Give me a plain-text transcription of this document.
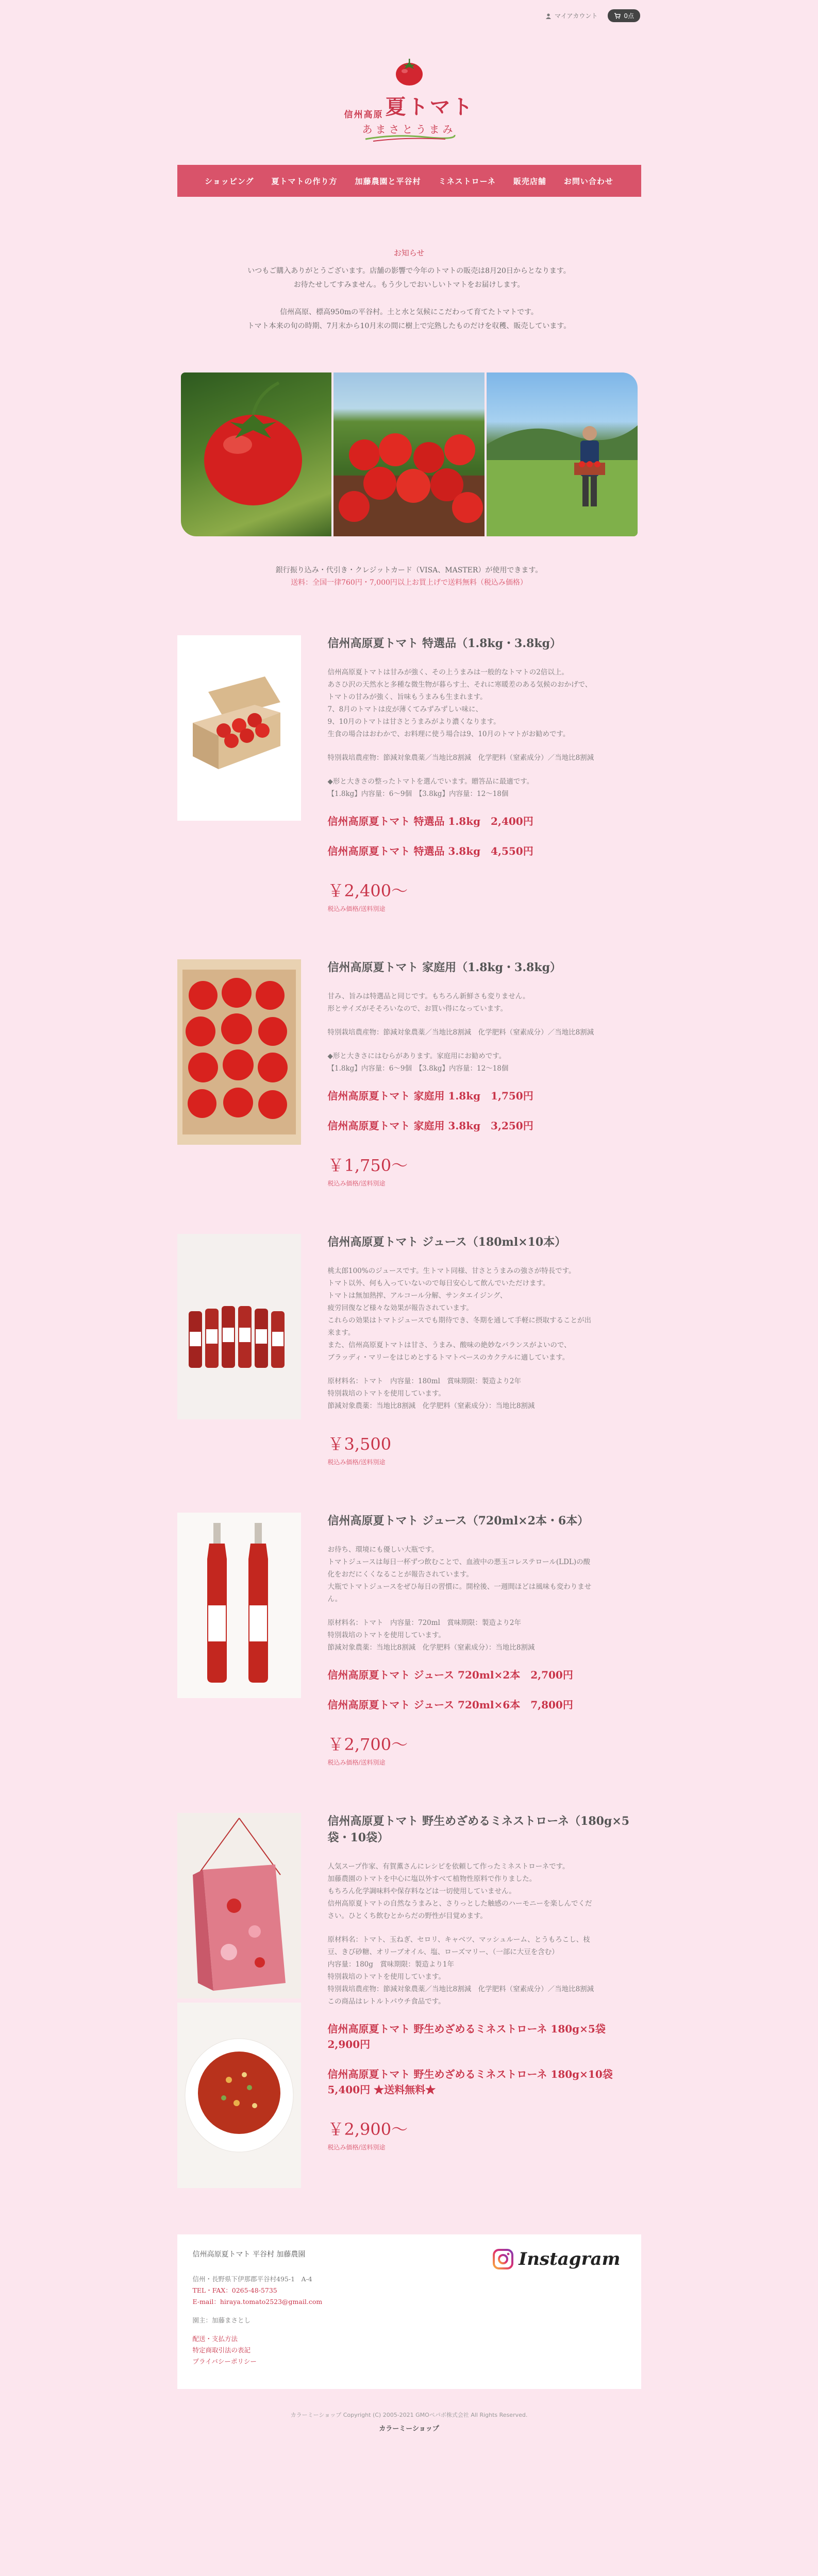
マイアカウント	0点
信州高原 夏トマト
あまさとうまみ
ショッピング 夏トマトの作り方 加藤農園と平谷村 ミネストローネ 販売店舗 お問い合わせ
お知らせ

いつもご購入ありがとうございます。店舗の影響で今年のトマトの販売は8月20日からとなります。

お待たせしてすみません。もう少しでおいしいトマトをお届けします。

信州高原、標高950mの平谷村。土と水と気候にこだわって育てたトマトです。

トマト本来の旬の時期、7月末から10月末の間に樹上で完熟したものだけを収穫、販売しています。

銀行振り込み・代引き・クレジットカード（VISA、MASTER）が使用できます。
送料：全国一律760円・7,000円以上お買上げで送料無料（税込み価格）
信州高原夏トマト 特選品（1.8kg・3.8kg）

信州高原夏トマトは甘みが強く、その上うまみは一般的なトマトの2倍以上。

あさひ沢の天然水と多種な微生物が暮らす土、それに寒暖差のある気候のおかげで、

トマトの甘みが強く、旨味もうまみも生まれます。

7、8月のトマトは皮が薄くてみずみずしい味に、

9、10月のトマトは甘さとうまみがより濃くなります。

生食の場合はおわかで、お料理に使う場合は9、10月のトマトがお勧めです。

特別栽培農産物：節減対象農薬／当地比8割減　化学肥料（窒素成分）／当地比8割減

◆形と大きさの整ったトマトを選んでいます。贈答品に最適です。

【1.8kg】内容量：6〜9個　【3.8kg】内容量：12〜18個

信州高原夏トマト 特選品 1.8kg　2,400円
信州高原夏トマト 特選品 3.8kg　4,550円
￥2,400〜
税込み価格/送料別途
信州高原夏トマト 家庭用（1.8kg・3.8kg）

甘み、旨みは特選品と同じです。もちろん新鮮さも変りません。

形とサイズがそそろいなので、お買い得になっています。

特別栽培農産物：節減対象農薬／当地比8割減　化学肥料（窒素成分）／当地比8割減

◆形と大きさにはむらがあります。家庭用にお勧めです。

【1.8kg】内容量：6〜9個　【3.8kg】内容量：12〜18個

信州高原夏トマト 家庭用 1.8kg　1,750円
信州高原夏トマト 家庭用 3.8kg　3,250円
￥1,750〜
税込み価格/送料別途
信州高原夏トマト ジュース（180ml×10本）

桃太郎100%のジュースです。生トマト同様、甘さとうまみの強さが特長です。

トマト以外、何も入っていないので毎日安心して飲んでいただけます。

トマトは無加熱搾、アルコール分解、サンタエイジング、

疲労回復など様々な効果が報告されています。

これらの効果はトマトジュースでも期待でき、冬期を通して手軽に摂取することが出

来ます。

また、信州高原夏トマトは甘さ、うまみ、酸味の絶妙なバランスがよいので、

ブラッディ・マリーをはじめとするトマトベースのカクテルに適しています。

原材料名：トマト　内容量：180ml　賞味期限：製造より2年

特別栽培のトマトを使用しています。

節減対象農薬：当地比8割減　化学肥料（窒素成分）：当地比8割減

￥3,500
税込み価格/送料別途
信州高原夏トマト ジュース（720ml×2本・6本）

お待ち、環境にも優しい大瓶です。

トマトジュースは毎日一杯ずつ飲むことで、血液中の悪玉コレステロール(LDL)の酸

化をおだにくくなることが報告されています。

大瓶でトマトジュースをぜひ毎日の習慣に。開栓後、一週間ほどは風味も変わりませ

ん。

原材料名：トマト　内容量：720ml　賞味期限：製造より2年

特別栽培のトマトを使用しています。

節減対象農薬：当地比8割減　化学肥料（窒素成分）：当地比8割減

信州高原夏トマト ジュース 720ml×2本　2,700円
信州高原夏トマト ジュース 720ml×6本　7,800円
￥2,700〜
税込み価格/送料別途
信州高原夏トマト 野生めざめるミネストローネ（180g×5袋・10袋）

人気スープ作家、有賀薫さんにレシピを依頼して作ったミネストローネです。

加藤農園のトマトを中心に塩以外すべて植物性原料で作りました。

もちろん化学調味料や保存料などは一切使用していません。

信州高原夏トマトの自然なうまみと、さりっとした触感のハーモニーを楽しんでくだ

さい。ひとくち飲むとからだの野性が目覚めます。

原材料名：トマト、玉ねぎ、セロリ、キャベツ、マッシュルーム、とうもろこし、枝

豆、きび砂糖、オリーブオイル、塩、ローズマリー、（一部に大豆を含む）

内容量：180g　賞味期限：製造より1年

特別栽培のトマトを使用しています。

特別栽培農産物：節減対象農薬／当地比8割減　化学肥料（窒素成分）／当地比8割減

この商品はレトルトパウチ食品です。

信州高原夏トマト 野生めざめるミネストローネ 180g×5袋　2,900円
信州高原夏トマト 野生めざめるミネストローネ 180g×10袋　5,400円 ★送料無料★
￥2,900〜
税込み価格/送料別途
信州高原夏トマト 平谷村 加藤農園
信州・長野県下伊那郡平谷村495-1　A-4
TEL・FAX：0265-48-5735
E-mail：hiraya.tomato2523@gmail.com
園主：加藤まさとし
配送・支払方法
特定商取引法の表記
プライバシーポリシー
Instagram
カラーミーショップ Copyright (C) 2005-2021 GMOペパボ株式会社 All Rights Reserved.
カラーミーショップ
